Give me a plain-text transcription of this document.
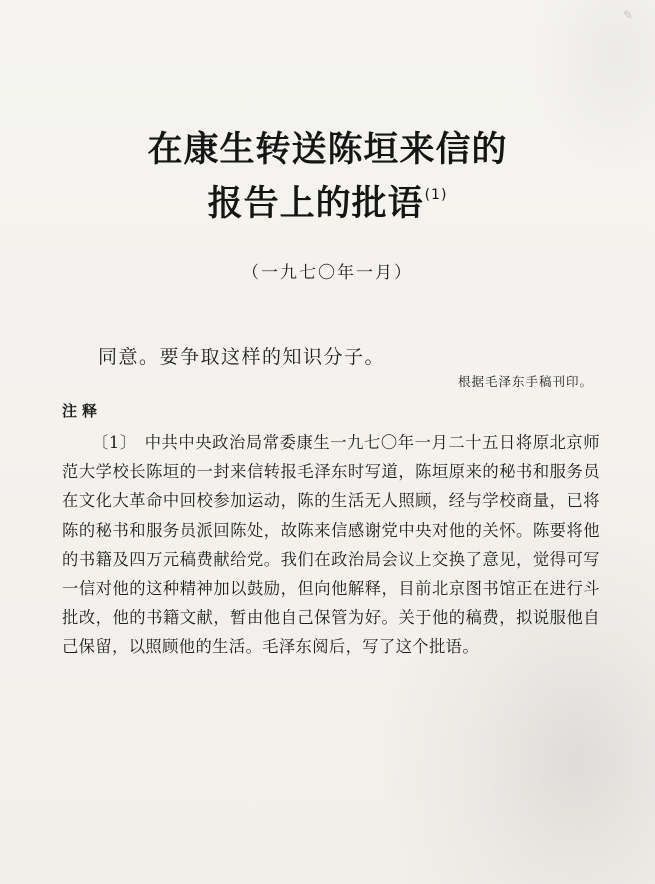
✎
在康生转送陈垣来信的
报告上的批语$^{(1)}$
（一九七〇年一月）
同意。要争取这样的知识分子。
根据毛泽东手稿刊印。
注释

〔1〕 中共中央政治局常委康生一九七〇年一月二十五日将原北京师范大学校长陈垣的一封来信转报毛泽东时写道，陈垣原来的秘书和服务员在文化大革命中回校参加运动，陈的生活无人照顾，经与学校商量，已将陈的秘书和服务员派回陈处，故陈来信感谢党中央对他的关怀。陈要将他的书籍及四万元稿费献给党。我们在政治局会议上交换了意见，觉得可写一信对他的这种精神加以鼓励，但向他解释，目前北京图书馆正在进行斗批改，他的书籍文献，暂由他自己保管为好。关于他的稿费，拟说服他自己保留，以照顾他的生活。毛泽东阅后，写了这个批语。
